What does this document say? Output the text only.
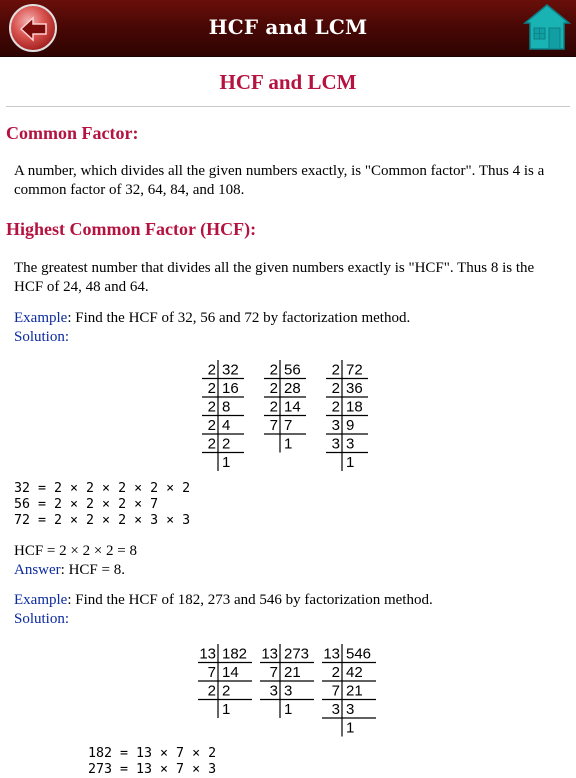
HCF and LCM
HCF and LCM
Common Factor:

A number, which divides all the given numbers exactly, is "Common factor". Thus 4 is a common factor of 32, 64, 84, and 108.

Highest Common Factor (HCF):

The greatest number that divides all the given numbers exactly is "HCF". Thus 8 is the HCF of 24, 48 and 64.

Example: Find the HCF of 32, 56 and 72 by factorization method.

Solution:

2
2
2
2
2
32
16
8
4
2
1
2
2
2
7
56
28
14
7
1
2
2
2
3
3
72
36
18
9
3
1
32 = 2 × 2 × 2 × 2 × 2
56 = 2 × 2 × 2 × 7
72 = 2 × 2 × 2 × 3 × 3

HCF = 2 × 2 × 2 = 8

Answer: HCF = 8.

Example: Find the HCF of 182, 273 and 546 by factorization method.

Solution:

13
7
2
182
14
2
1
13
7
3
273
21
3
1
13
2
7
3
546
42
21
3
1
182 = 13 × 7 × 2
273 = 13 × 7 × 3
